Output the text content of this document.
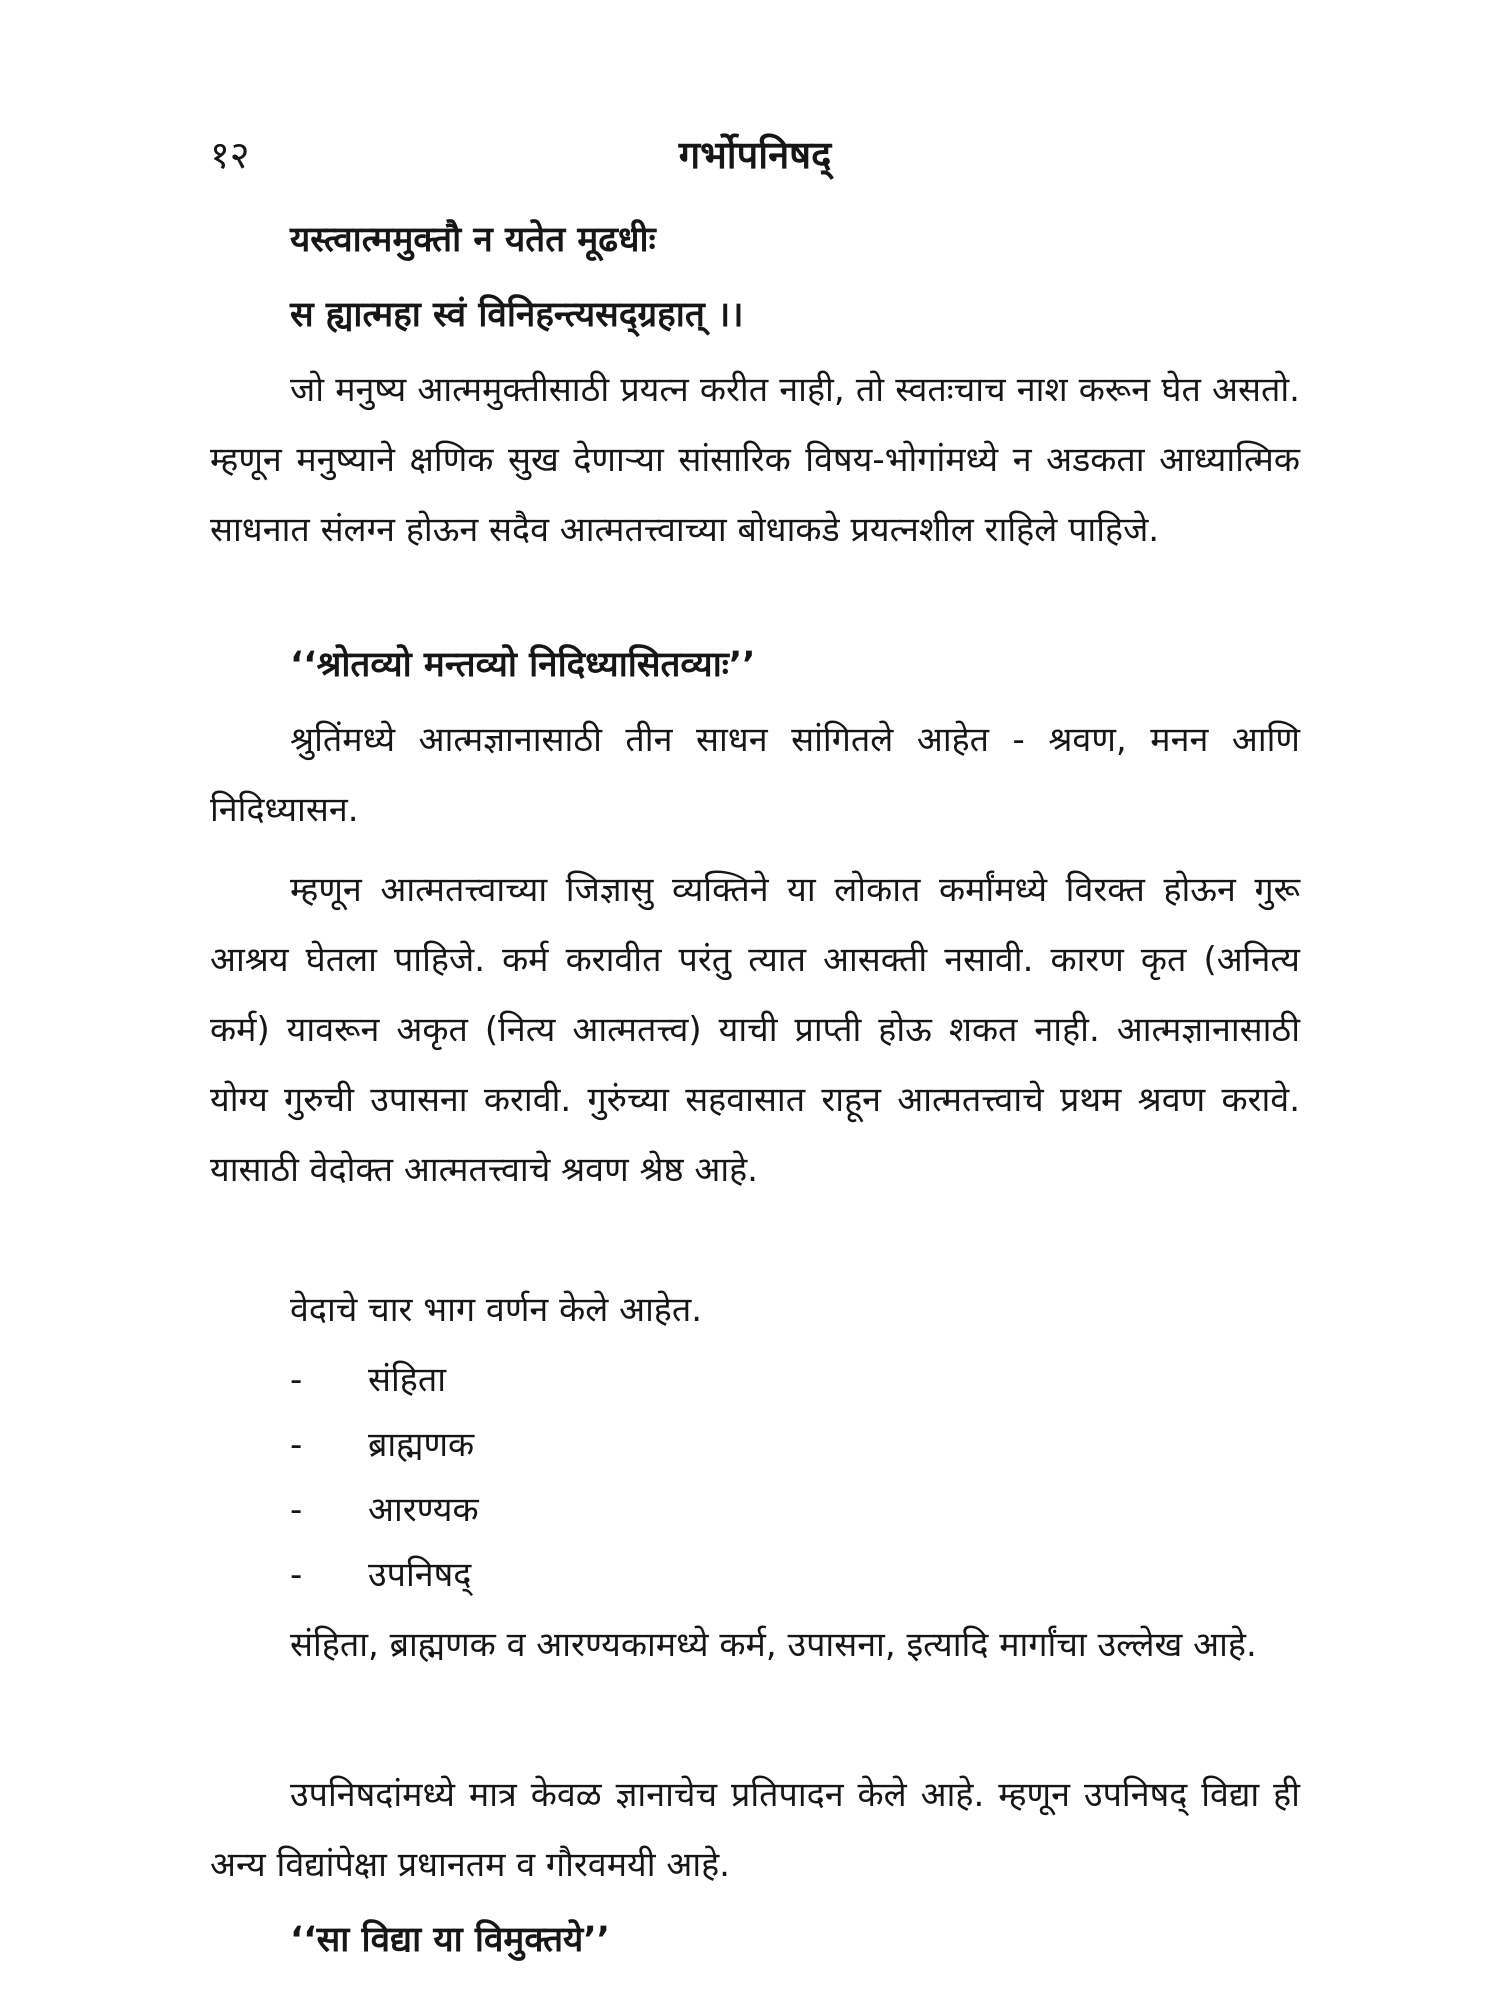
१२	गर्भोपनिषद्
यस्त्वात्ममुक्तौ न यतेत मूढधीः
स ह्यात्महा स्वं विनिहन्त्यसद्ग्रहात् ।।
जो मनुष्य आत्ममुक्तीसाठी प्रयत्न करीत नाही, तो स्वतःचाच नाश करून घेत असतो. म्हणून मनुष्याने क्षणिक सुख देणाऱ्या सांसारिक विषय-भोगांमध्ये न अडकता आध्यात्मिक साधनात संलग्न होऊन सदैव आत्मतत्त्वाच्या बोधाकडे प्रयत्नशील राहिले पाहिजे.
‘‘श्रोतव्यो मन्तव्यो निदिध्यासितव्याः’’
श्रुतिंमध्ये आत्मज्ञानासाठी तीन साधन सांगितले आहेत - श्रवण, मनन आणि निदिध्यासन.
म्हणून आत्मतत्त्वाच्या जिज्ञासु व्यक्तिने या लोकात कर्मांमध्ये विरक्त होऊन गुरू आश्रय घेतला पाहिजे. कर्म करावीत परंतु त्यात आसक्ती नसावी. कारण कृत (अनित्य कर्म) यावरून अकृत (नित्य आत्मतत्त्व) याची प्राप्ती होऊ शकत नाही. आत्मज्ञानासाठी योग्य गुरुची उपासना करावी. गुरुंच्या सहवासात राहून आत्मतत्त्वाचे प्रथम श्रवण करावे. यासाठी वेदोक्त आत्मतत्त्वाचे श्रवण श्रेष्ठ आहे.
वेदाचे चार भाग वर्णन केले आहेत.
- संहिता
- ब्राह्मणक
- आरण्यक
- उपनिषद्
संहिता, ब्राह्मणक व आरण्यकामध्ये कर्म, उपासना, इत्यादि मार्गांचा उल्लेख आहे.
उपनिषदांमध्ये मात्र केवळ ज्ञानाचेच प्रतिपादन केले आहे. म्हणून उपनिषद् विद्या ही अन्य विद्यांपेक्षा प्रधानतम व गौरवमयी आहे.
‘‘सा विद्या या विमुक्तये’’
